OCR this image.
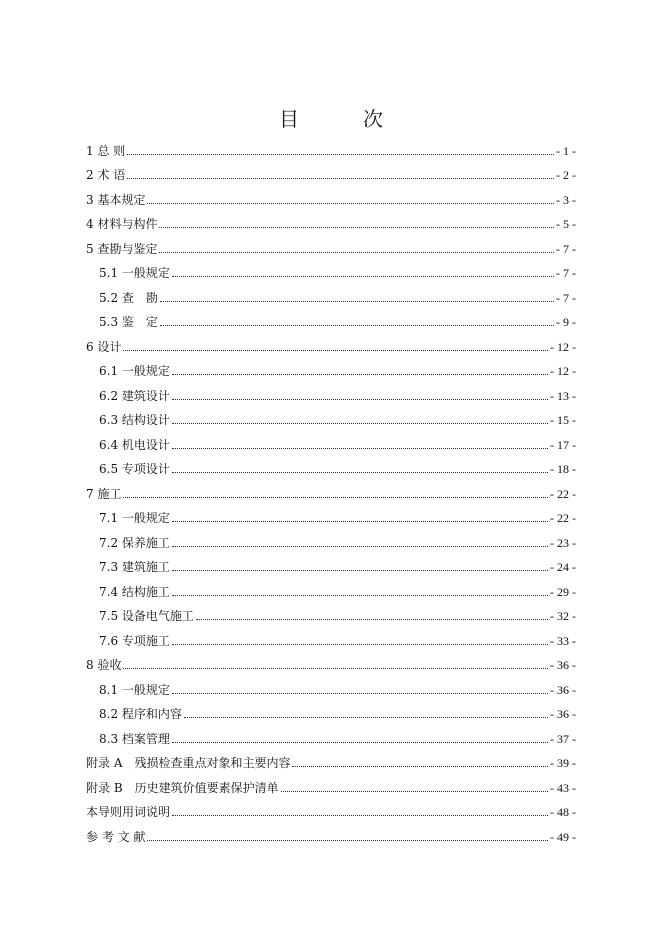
目　次
1 总 则	- 1 -
2 术 语	- 2 -
3 基本规定	- 3 -
4 材料与构件	- 5 -
5 查勘与鉴定	- 7 -
5.1 一般规定	- 7 -
5.2 查　勘	- 7 -
5.3 鉴　定	- 9 -
6 设计	- 12 -
6.1 一般规定	- 12 -
6.2 建筑设计	- 13 -
6.3 结构设计	- 15 -
6.4 机电设计	- 17 -
6.5 专项设计	- 18 -
7 施工	- 22 -
7.1 一般规定	- 22 -
7.2 保养施工	- 23 -
7.3 建筑施工	- 24 -
7.4 结构施工	- 29 -
7.5 设备电气施工	- 32 -
7.6 专项施工	- 33 -
8 验收	- 36 -
8.1 一般规定	- 36 -
8.2 程序和内容	- 36 -
8.3 档案管理	- 37 -
附录 A　残损检查重点对象和主要内容	- 39 -
附录 B　历史建筑价值要素保护清单	- 43 -
本导则用词说明	- 48 -
参 考 文 献	- 49 -
